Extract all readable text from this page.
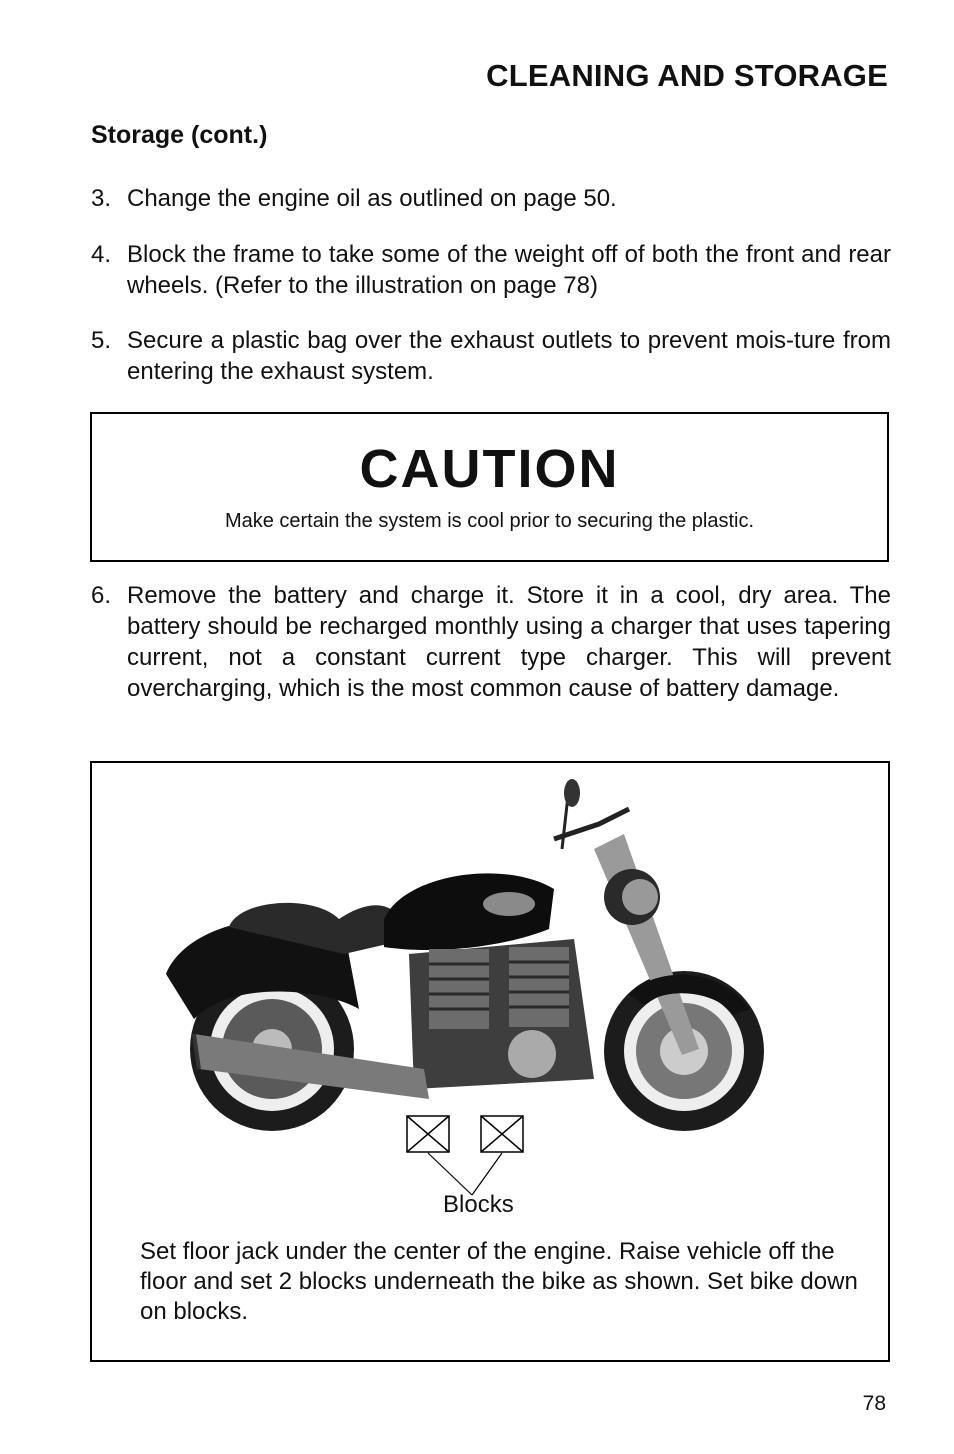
CLEANING AND STORAGE
Storage (cont.)
3. Change the engine oil as outlined on page 50.
4. Block the frame to take some of the weight off of both the front and rear wheels. (Refer to the illustration on page 78)
5. Secure a plastic bag over the exhaust outlets to prevent mois-ture from entering the exhaust system.
CAUTION
Make certain the system is cool prior to securing the plastic.
6. Remove the battery and charge it. Store it in a cool, dry area. The battery should be recharged monthly using a charger that uses tapering current, not a constant current type charger. This will prevent overcharging, which is the most common cause of battery damage.
Blocks
Set floor jack under the center of the engine. Raise vehicle off the floor and set 2 blocks underneath the bike as shown. Set bike down on blocks.
78
